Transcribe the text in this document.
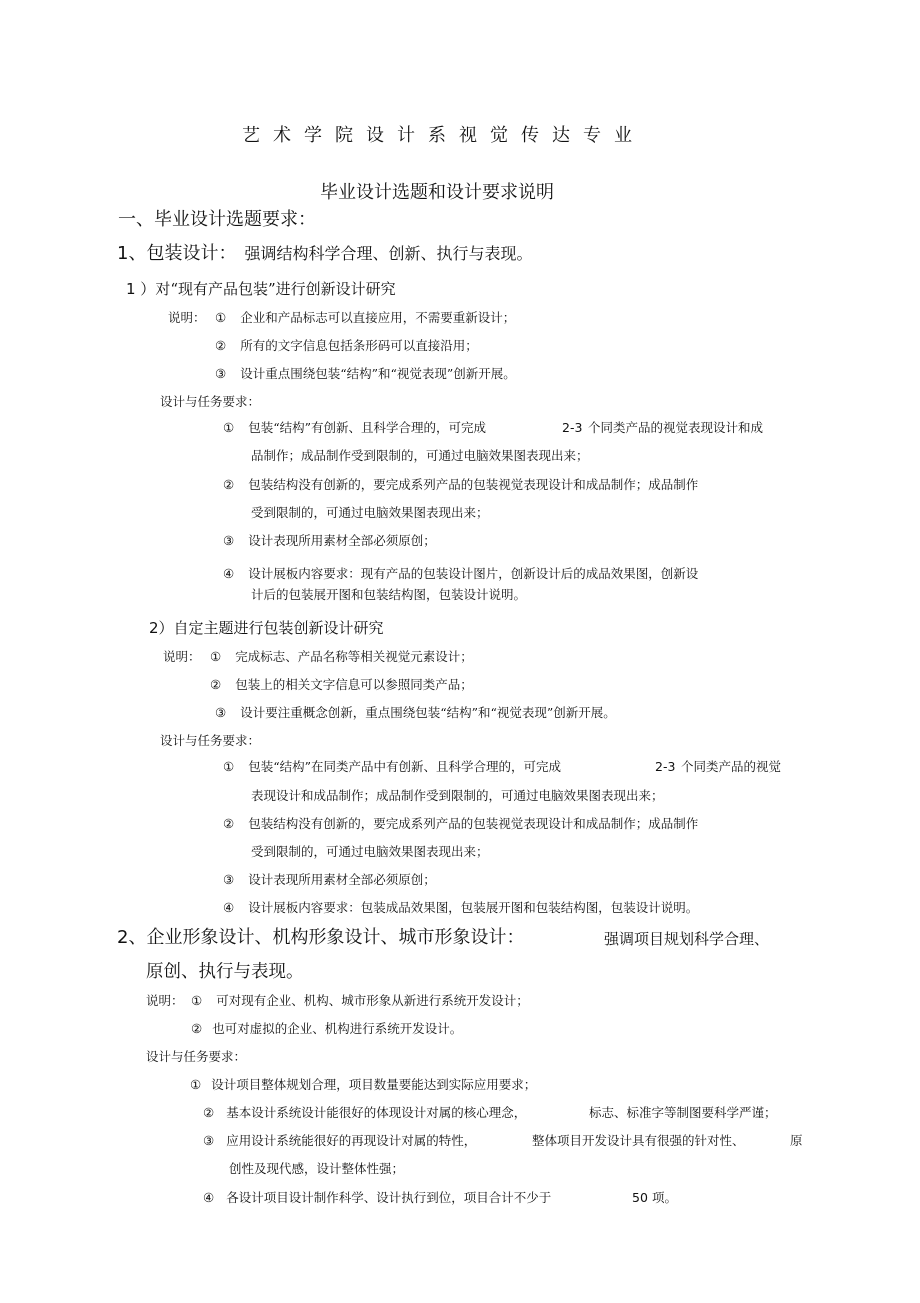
艺术学院设计系视觉传达专业
毕业设计选题和设计要求说明
一、毕业设计选题要求：
1、包装设计： 强调结构科学合理、创新、执行与表现。
1 ）对“现有产品包装”进行创新设计研究
说明： ① 企业和产品标志可以直接应用，不需要重新设计；
② 所有的文字信息包括条形码可以直接沿用；
③ 设计重点围绕包装“结构”和“视觉表现”创新开展。
设计与任务要求：
① 包装“结构”有创新、且科学合理的，可完成	2-3 个同类产品的视觉表现设计和成
品制作；成品制作受到限制的，可通过电脑效果图表现出来；
② 包装结构没有创新的，要完成系列产品的包装视觉表现设计和成品制作；成品制作
受到限制的，可通过电脑效果图表现出来；
③ 设计表现所用素材全部必须原创；
④ 设计展板内容要求：现有产品的包装设计图片，创新设计后的成品效果图，创新设
计后的包装展开图和包装结构图，包装设计说明。
2）自定主题进行包装创新设计研究
说明： ① 完成标志、产品名称等相关视觉元素设计；
② 包装上的相关文字信息可以参照同类产品；
③ 设计要注重概念创新，重点围绕包装“结构”和“视觉表现”创新开展。
设计与任务要求：
① 包装“结构”在同类产品中有创新、且科学合理的，可完成	2-3 个同类产品的视觉
表现设计和成品制作；成品制作受到限制的，可通过电脑效果图表现出来；
② 包装结构没有创新的，要完成系列产品的包装视觉表现设计和成品制作；成品制作
受到限制的，可通过电脑效果图表现出来；
③ 设计表现所用素材全部必须原创；
④ 设计展板内容要求：包装成品效果图，包装展开图和包装结构图，包装设计说明。
2、企业形象设计、机构形象设计、城市形象设计：	强调项目规划科学合理、
原创、执行与表现。
说明： ① 可对现有企业、机构、城市形象从新进行系统开发设计；
② 也可对虚拟的企业、机构进行系统开发设计。
设计与任务要求：
① 设计项目整体规划合理，项目数量要能达到实际应用要求；
② 基本设计系统设计能很好的体现设计对属的核心理念，	标志、标准字等制图要科学严谨；
③ 应用设计系统能很好的再现设计对属的特性，	整体项目开发设计具有很强的针对性、	原
创性及现代感，设计整体性强；
④ 各设计项目设计制作科学、设计执行到位，项目合计不少于	50 项。
